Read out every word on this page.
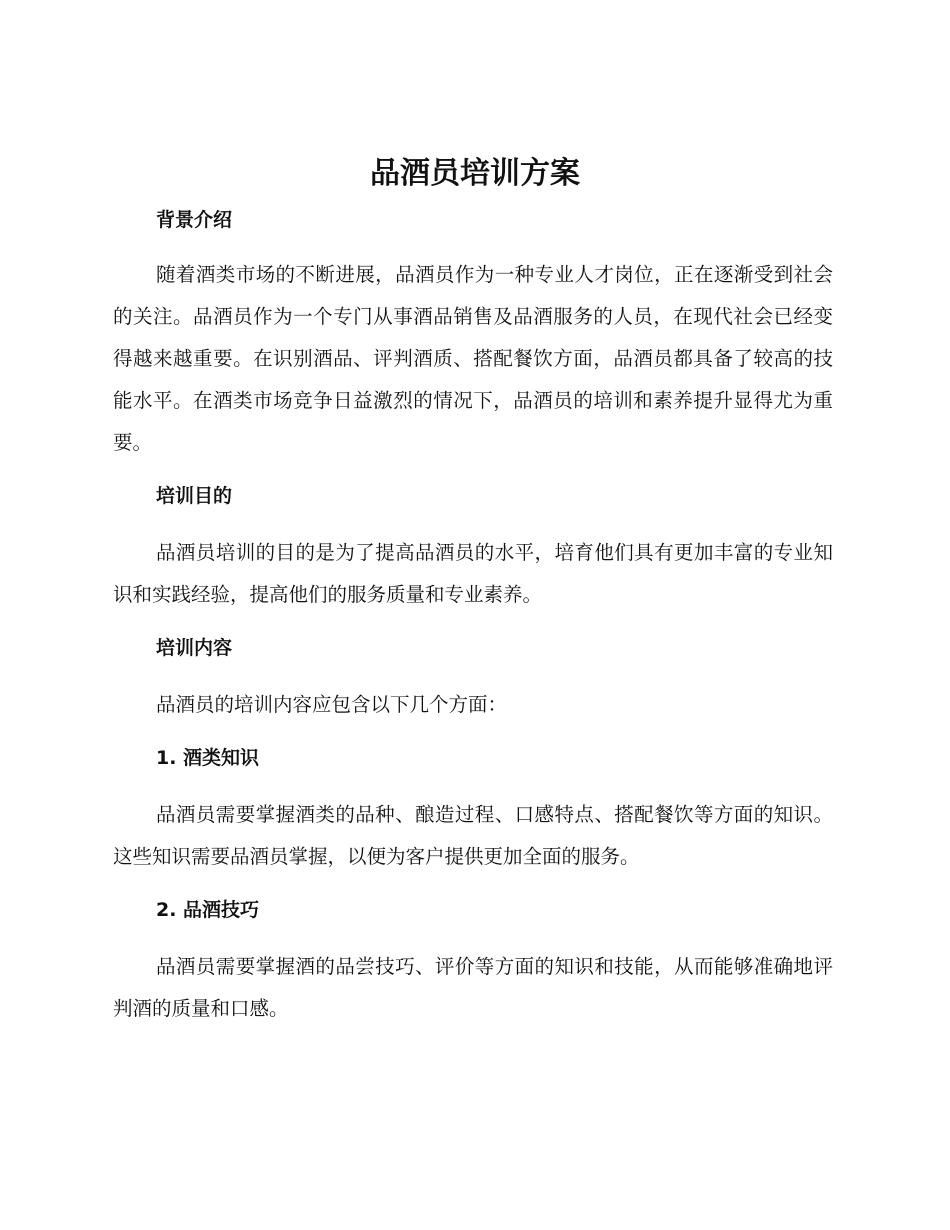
品酒员培训方案
背景介绍

随着酒类市场的不断进展，品酒员作为一种专业人才岗位，正在逐渐受到社会的关注。品酒员作为一个专门从事酒品销售及品酒服务的人员，在现代社会已经变得越来越重要。在识别酒品、评判酒质、搭配餐饮方面，品酒员都具备了较高的技能水平。在酒类市场竞争日益激烈的情况下，品酒员的培训和素养提升显得尤为重要。

培训目的

品酒员培训的目的是为了提高品酒员的水平，培育他们具有更加丰富的专业知识和实践经验，提高他们的服务质量和专业素养。

培训内容

品酒员的培训内容应包含以下几个方面：

1. 酒类知识

品酒员需要掌握酒类的品种、酿造过程、口感特点、搭配餐饮等方面的知识。这些知识需要品酒员掌握，以便为客户提供更加全面的服务。

2. 品酒技巧

品酒员需要掌握酒的品尝技巧、评价等方面的知识和技能，从而能够准确地评判酒的质量和口感。
